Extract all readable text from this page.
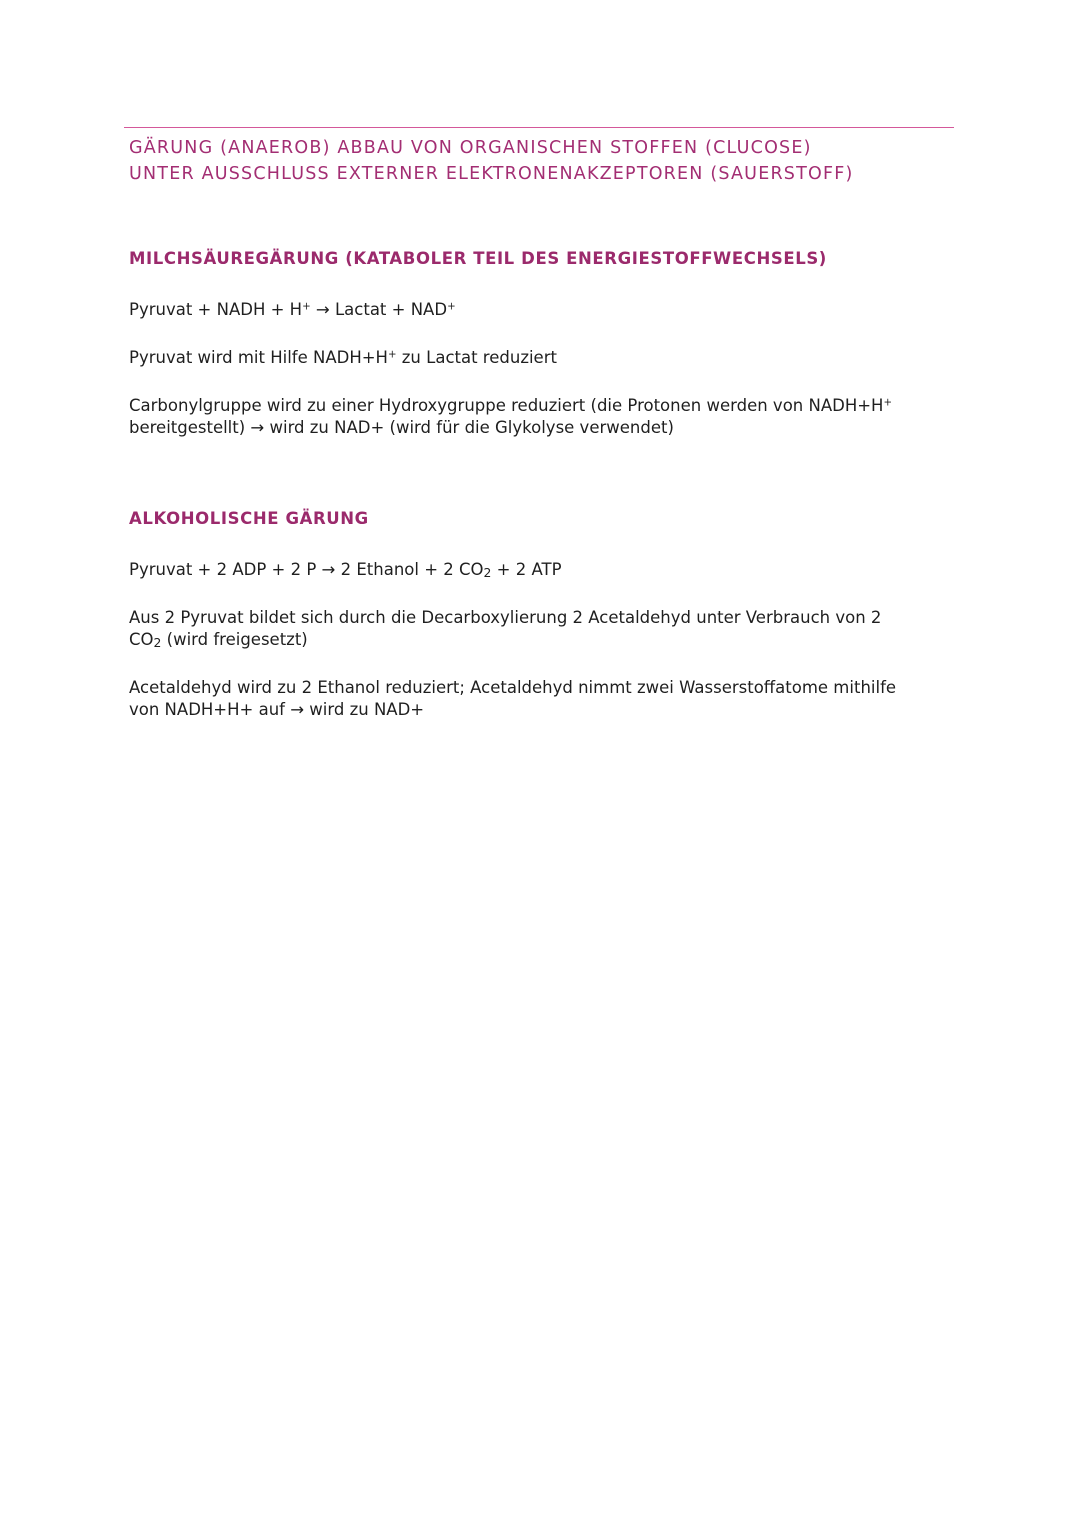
GÄRUNG (ANAEROB) ABBAU VON ORGANISCHEN STOFFEN (CLUCOSE)
UNTER AUSSCHLUSS EXTERNER ELEKTRONENAKZEPTOREN (SAUERSTOFF)
MILCHSÄUREGÄRUNG (KATABOLER TEIL DES ENERGIESTOFFWECHSELS)

Pyruvat + NADH + H+ → Lactat + NAD+

Pyruvat wird mit Hilfe NADH+H+ zu Lactat reduziert

Carbonylgruppe wird zu einer Hydroxygruppe reduziert (die Protonen werden von NADH+H+
bereitgestellt) → wird zu NAD+ (wird für die Glykolyse verwendet)

ALKOHOLISCHE GÄRUNG

Pyruvat + 2 ADP + 2 P → 2 Ethanol + 2 $CO_2 + 2$ ATP

Aus 2 Pyruvat bildet sich durch die Decarboxylierung 2 Acetaldehyd unter Verbrauch von 2
$CO_2$ (wird freigesetzt)

Acetaldehyd wird zu 2 Ethanol reduziert; Acetaldehyd nimmt zwei Wasserstoffatome mithilfe
von NADH+H+ auf → wird zu NAD+
